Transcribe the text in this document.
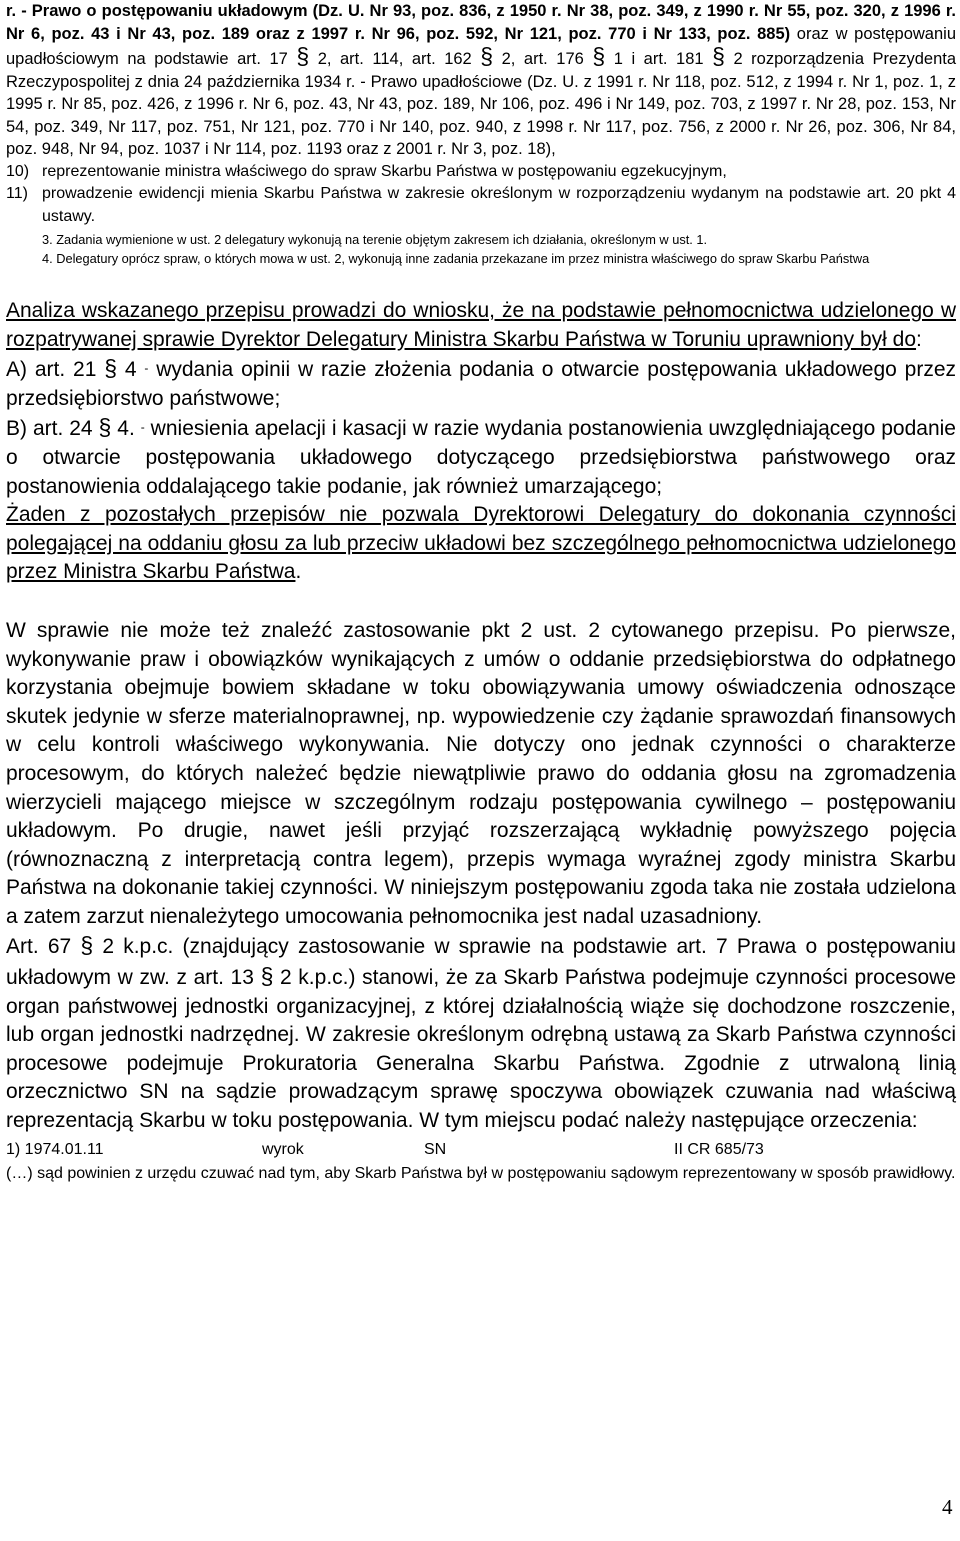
r. - Prawo o postępowaniu układowym (Dz. U. Nr 93, poz. 836, z 1950 r. Nr 38, poz. 349, z 1990 r. Nr 55, poz. 320, z 1996 r. Nr 6, poz. 43 i Nr 43, poz. 189 oraz z 1997 r. Nr 96, poz. 592, Nr 121, poz. 770 i Nr 133, poz. 885) oraz w postępowaniu upadłościowym na podstawie art. 17 § 2, art. 114, art. 162 § 2, art. 176 § 1 i art. 181 § 2 rozporządzenia Prezydenta Rzeczypospolitej z dnia 24 października 1934 r. - Prawo upadłościowe (Dz. U. z 1991 r. Nr 118, poz. 512, z 1994 r. Nr 1, poz. 1, z 1995 r. Nr 85, poz. 426, z 1996 r. Nr 6, poz. 43, Nr 43, poz. 189, Nr 106, poz. 496 i Nr 149, poz. 703, z 1997 r. Nr 28, poz. 153, Nr 54, poz. 349, Nr 117, poz. 751, Nr 121, poz. 770 i Nr 140, poz. 940, z 1998 r. Nr 117, poz. 756, z 2000 r. Nr 26, poz. 306, Nr 84, poz. 948, Nr 94, poz. 1037 i Nr 114, poz. 1193 oraz z 2001 r. Nr 3, poz. 18),

10) reprezentowanie ministra właściwego do spraw Skarbu Państwa w postępowaniu egzekucyjnym,
11) prowadzenie ewidencji mienia Skarbu Państwa w zakresie określonym w rozporządzeniu wydanym na podstawie art. 20 pkt 4 ustawy.
3. Zadania wymienione w ust. 2 delegatury wykonują na terenie objętym zakresem ich działania, określonym w ust. 1.
4. Delegatury oprócz spraw, o których mowa w ust. 2, wykonują inne zadania przekazane im przez ministra właściwego do spraw Skarbu Państwa

Analiza wskazanego przepisu prowadzi do wniosku, że na podstawie pełnomocnictwa udzielonego w rozpatrywanej sprawie Dyrektor Delegatury Ministra Skarbu Państwa w Toruniu uprawniony był do:

A) art. 21 § 4 - wydania opinii w razie złożenia podania o otwarcie postępowania układowego przez przedsiębiorstwo państwowe;

B) art. 24 § 4. - wniesienia apelacji i kasacji w razie wydania postanowienia uwzględniającego podanie o otwarcie postępowania układowego dotyczącego przedsiębiorstwa państwowego oraz postanowienia oddalającego takie podanie, jak również umarzającego;

Żaden z pozostałych przepisów nie pozwala Dyrektorowi Delegatury do dokonania czynności polegającej na oddaniu głosu za lub przeciw układowi bez szczególnego pełnomocnictwa udzielonego przez Ministra Skarbu Państwa.

W sprawie nie może też znaleźć zastosowanie pkt 2 ust. 2 cytowanego przepisu. Po pierwsze, wykonywanie praw i obowiązków wynikających z umów o oddanie przedsiębiorstwa do odpłatnego korzystania obejmuje bowiem składane w toku obowiązywania umowy oświadczenia odnoszące skutek jedynie w sferze materialnoprawnej, np. wypowiedzenie czy żądanie sprawozdań finansowych w celu kontroli właściwego wykonywania. Nie dotyczy ono jednak czynności o charakterze procesowym, do których należeć będzie niewątpliwie prawo do oddania głosu na zgromadzenia wierzycieli mającego miejsce w szczególnym rodzaju postępowania cywilnego – postępowaniu układowym. Po drugie, nawet jeśli przyjąć rozszerzającą wykładnię powyższego pojęcia (równoznaczną z interpretacją contra legem), przepis wymaga wyraźnej zgody ministra Skarbu Państwa na dokonanie takiej czynności. W niniejszym postępowaniu zgoda taka nie została udzielona a zatem zarzut nienależytego umocowania pełnomocnika jest nadal uzasadniony.

Art. 67 § 2 k.p.c. (znajdujący zastosowanie w sprawie na podstawie art. 7 Prawa o postępowaniu układowym w zw. z art. 13 § 2 k.p.c.) stanowi, że za Skarb Państwa podejmuje czynności procesowe organ państwowej jednostki organizacyjnej, z której działalnością wiąże się dochodzone roszczenie, lub organ jednostki nadrzędnej. W zakresie określonym odrębną ustawą za Skarb Państwa czynności procesowe podejmuje Prokuratoria Generalna Skarbu Państwa. Zgodnie z utrwaloną linią orzecznictwo SN na sądzie prowadzącym sprawę spoczywa obowiązek czuwania nad właściwą reprezentacją Skarbu w toku postępowania. W tym miejscu podać należy następujące orzeczenia:

1) 1974.01.11	wyrok	SN	II CR 685/73

(…) sąd powinien z urzędu czuwać nad tym, aby Skarb Państwa był w postępowaniu sądowym reprezentowany w sposób prawidłowy.

4
